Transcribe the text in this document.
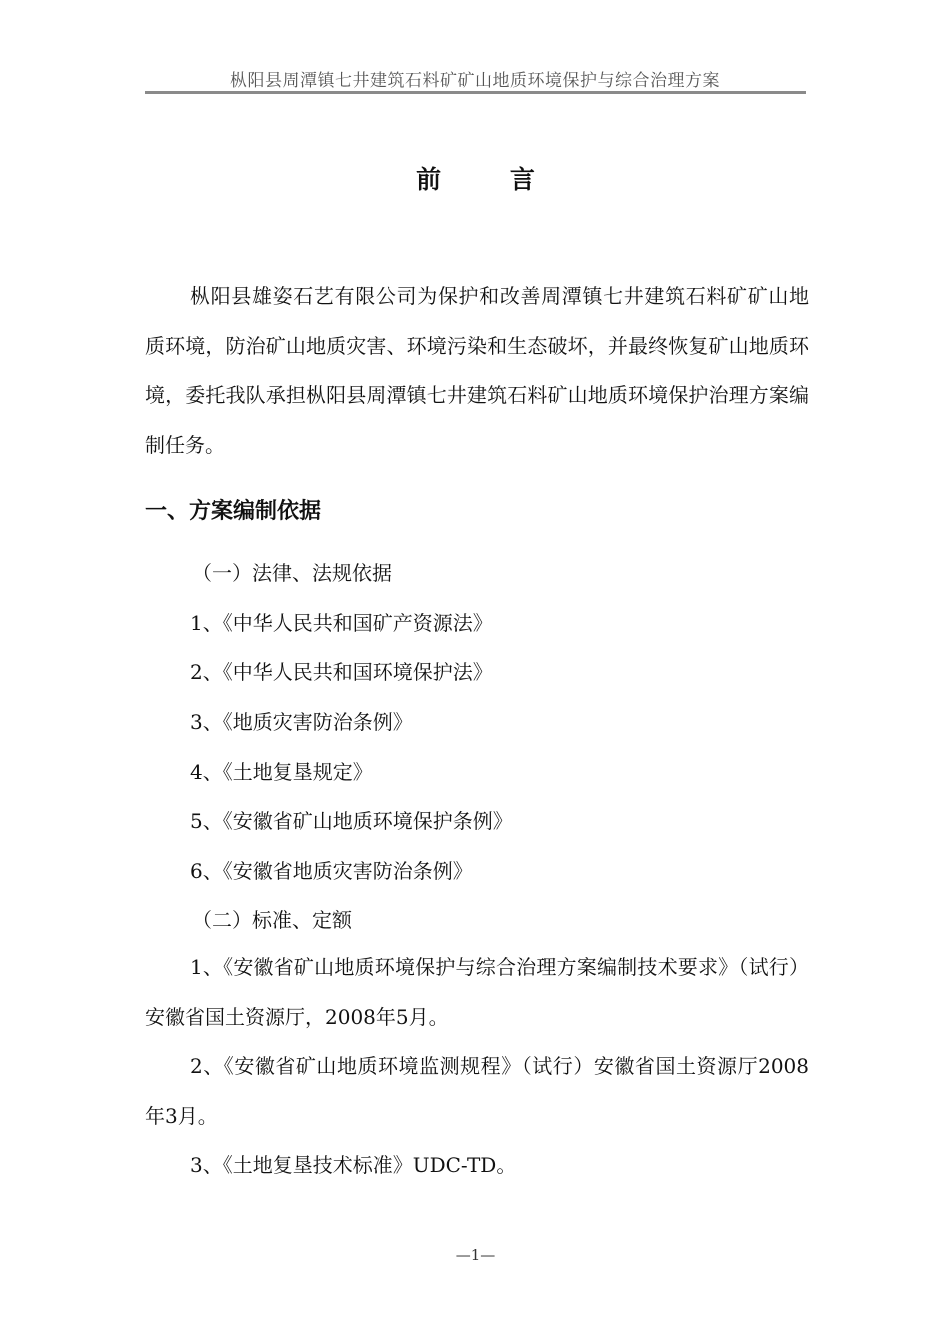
枞阳县周潭镇七井建筑石料矿矿山地质环境保护与综合治理方案
前 言

枞阳县雄姿石艺有限公司为保护和改善周潭镇七井建筑石料矿矿山地质环境，防治矿山地质灾害、环境污染和生态破坏，并最终恢复矿山地质环境，委托我队承担枞阳县周潭镇七井建筑石料矿山地质环境保护治理方案编制任务。

一、方案编制依据

（一）法律、法规依据

1、《中华人民共和国矿产资源法》

2、《中华人民共和国环境保护法》

3、《地质灾害防治条例》

4、《土地复垦规定》

5、《安徽省矿山地质环境保护条例》

6、《安徽省地质灾害防治条例》

（二）标准、定额

1、《安徽省矿山地质环境保护与综合治理方案编制技术要求》（试行）安徽省国土资源厅，2008年5月。

2、《安徽省矿山地质环境监测规程》（试行）安徽省国土资源厅2008年3月。

3、《土地复垦技术标准》UDC-TD。

—1—
